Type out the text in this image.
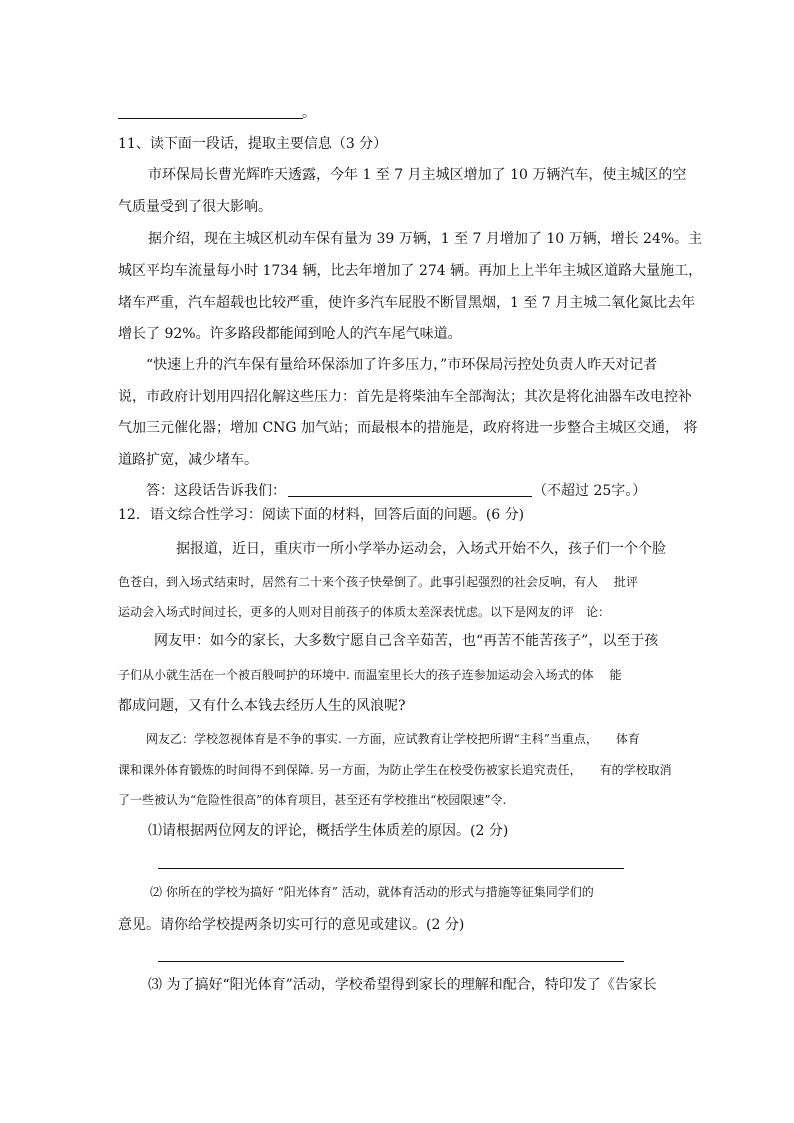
。
11、读下面一段话，提取主要信息（3 分）
市环保局长曹光辉昨天透露，今年 1 至 7 月主城区增加了 10 万辆汽车，使主城区的空
气质量受到了很大影响。
据介绍，现在主城区机动车保有量为 39 万辆，1 至 7 月增加了 10 万辆，增长 24%。主
城区平均车流量每小时 1734 辆，比去年增加了 274 辆。再加上上半年主城区道路大量施工，
堵车严重，汽车超载也比较严重，使许多汽车屁股不断冒黑烟，1 至 7 月主城二氧化氮比去年
增长了 92%。许多路段都能闻到呛人的汽车尾气味道。
“快速上升的汽车保有量给环保添加了许多压力，”市环保局污控处负责人昨天对记者
说，市政府计划用四招化解这些压力：首先是将柴油车全部淘汰；其次是将化油器车改电控补
气加三元催化器；增加 CNG 加气站；而最根本的措施是，政府将进一步整合主城区交通， 将
道路扩宽，减少堵车。
答：这段话告诉我们：	（不超过 25字。）
12．语文综合性学习：阅读下面的材料，回答后面的问题。(6 分)
据报道，近日，重庆市一所小学举办运动会，入场式开始不久，孩子们一个个脸
色苍白，到入场式结束时，居然有二十来个孩子快晕倒了。此事引起强烈的社会反响，有人　 批评
运动会入场式时间过长，更多的人则对目前孩子的体质太差深表忧虑。以下是网友的评　论：
网友甲：如今的家长，大多数宁愿自己含辛茹苦，也“再苦不能苦孩子”，以至于孩
子们从小就生活在一个被百般呵护的环境中. 而温室里长大的孩子连参加运动会入场式的体　 能
都成问题，又有什么本钱去经历人生的风浪呢?
网友乙：学校忽视体育是不争的事实. 一方面，应试教育让学校把所谓“主科”当重点，　　体育
课和课外体育锻炼的时间得不到保障. 另一方面，为防止学生在校受伤被家长追究责任，　　有的学校取消
了一些被认为“危险性很高”的体育项目，甚至还有学校推出“校园限速”令.
⑴请根据两位网友的评论，概括学生体质差的原因。(2 分)
⑵ 你所在的学校为搞好 “阳光体育” 活动，就体育活动的形式与措施等征集同学们的
意见。请你给学校提两条切实可行的意见或建议。(2 分)
⑶ 为了搞好“阳光体育”活动，学校希望得到家长的理解和配合，特印发了《告家长
